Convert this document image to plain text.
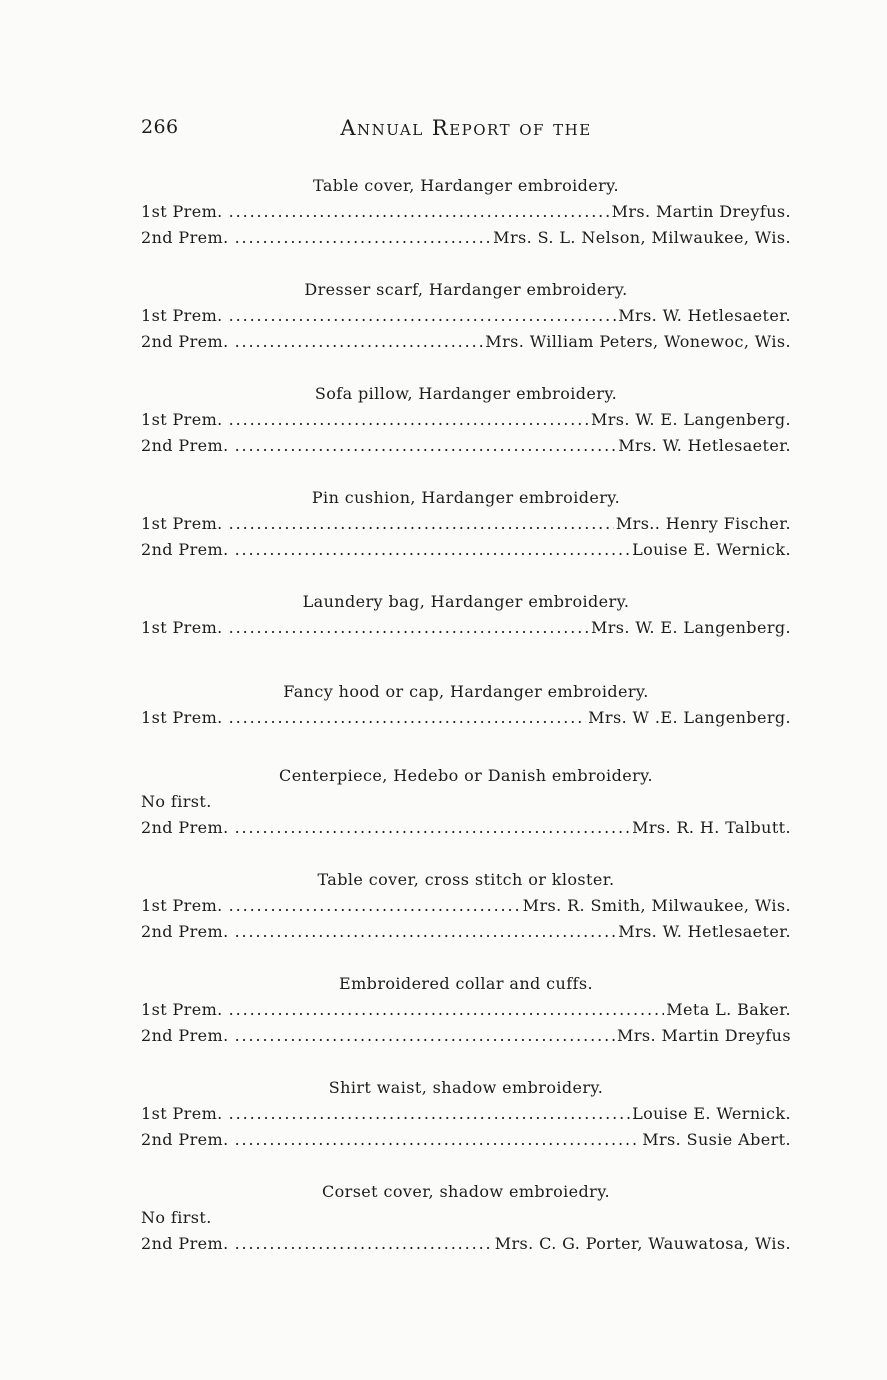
266	Annual Report of the
Table cover, Hardanger embroidery.
1st Prem. . . .	Mrs. Martin Dreyfus.
2nd Prem. . . .	Mrs. S. L. Nelson, Milwaukee, Wis.
Dresser scarf, Hardanger embroidery.
1st Prem. . . .	Mrs. W. Hetlesaeter.
2nd Prem. . . .	Mrs. William Peters, Wonewoc, Wis.
Sofa pillow, Hardanger embroidery.
1st Prem. . . .	Mrs. W. E. Langenberg.
2nd Prem. . . .	Mrs. W. Hetlesaeter.
Pin cushion, Hardanger embroidery.
1st Prem. . . .	Mrs.. Henry Fischer.
2nd Prem. . . .	Louise E. Wernick.
Laundery bag, Hardanger embroidery.
1st Prem. . . .	Mrs. W. E. Langenberg.
Fancy hood or cap, Hardanger embroidery.
1st Prem. . . .	Mrs. W .E. Langenberg.
Centerpiece, Hedebo or Danish embroidery.
No first.
2nd Prem. . . .	Mrs. R. H. Talbutt.
Table cover, cross stitch or kloster.
1st Prem. . . .	Mrs. R. Smith, Milwaukee, Wis.
2nd Prem. . . .	Mrs. W. Hetlesaeter.
Embroidered collar and cuffs.
1st Prem. . . .	Meta L. Baker.
2nd Prem. . . .	Mrs. Martin Dreyfus
Shirt waist, shadow embroidery.
1st Prem. . . .	Louise E. Wernick.
2nd Prem. . . .	Mrs. Susie Abert.
Corset cover, shadow embroiedry.
No first.
2nd Prem. . . .	Mrs. C. G. Porter, Wauwatosa, Wis.
